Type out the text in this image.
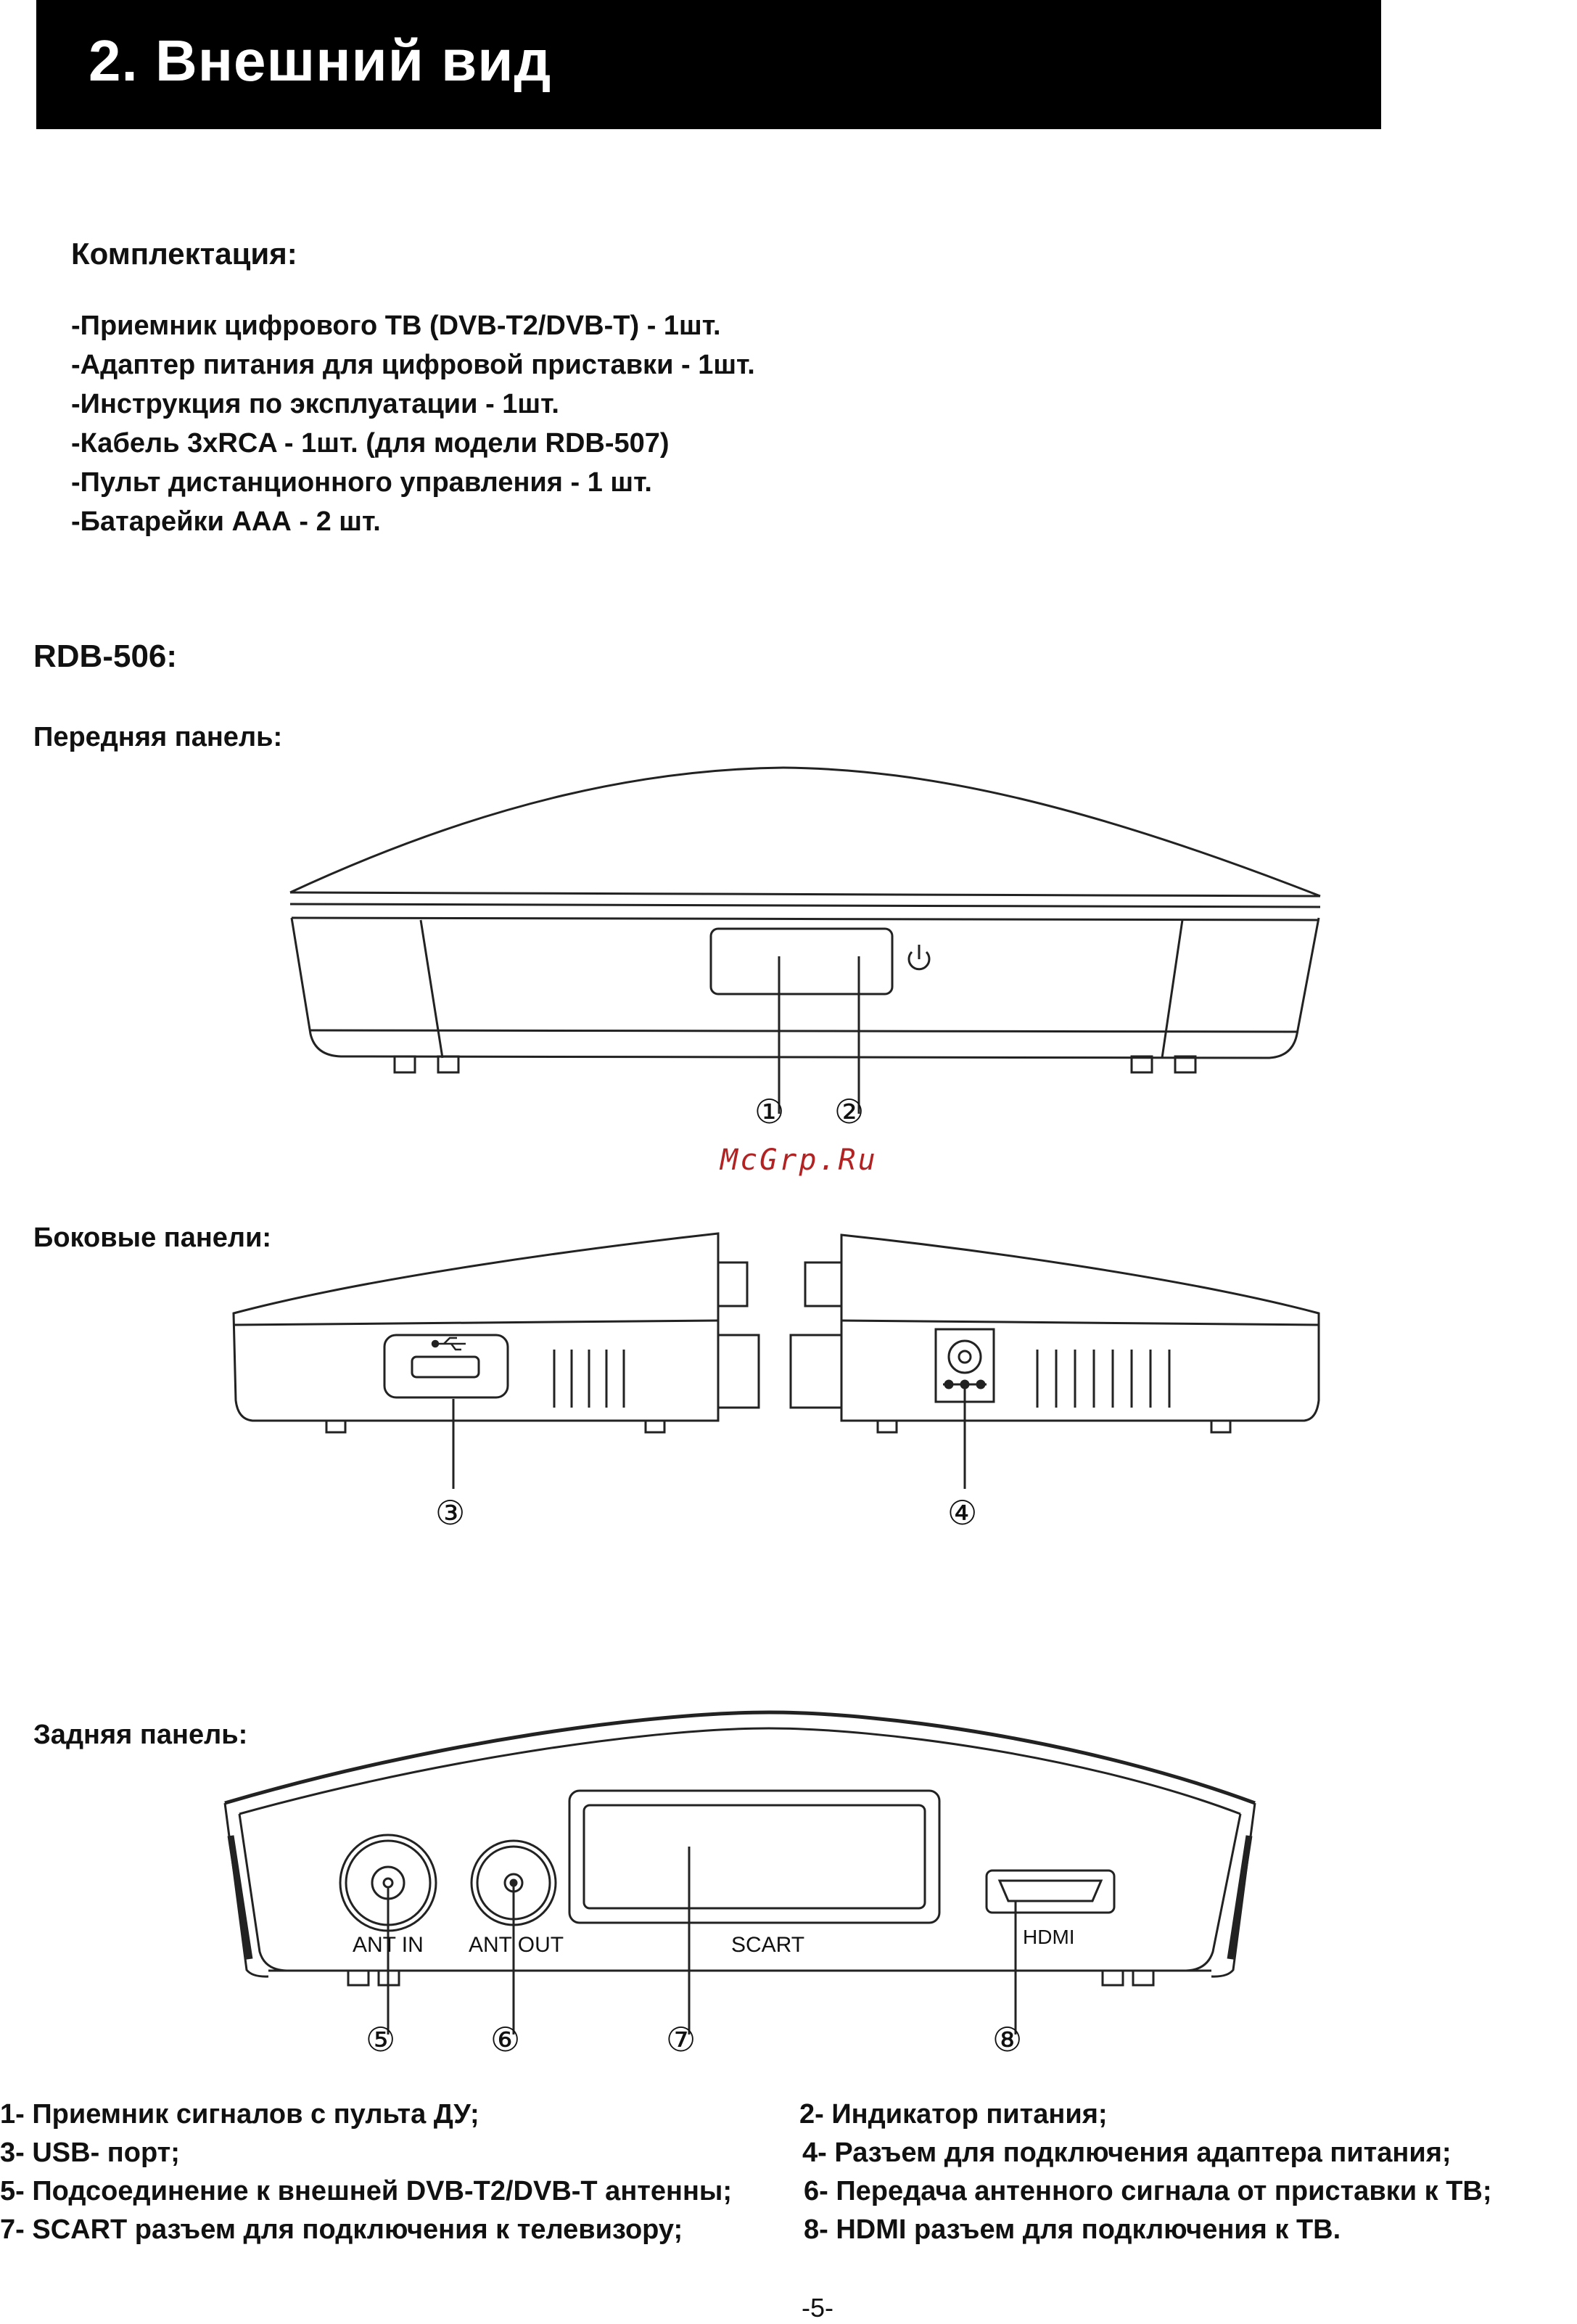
2. Внешний вид
Комплектация:
-Приемник цифрового ТВ (DVB-T2/DVB-T) - 1шт.
-Адаптер питания для цифровой приставки - 1шт.
-Инструкция по эксплуатации - 1шт.
-Кабель 3xRCA - 1шт. (для модели RDB-507)
-Пульт дистанционного управления - 1 шт.
-Батарейки ААА - 2 шт.
RDB-506:
Передняя панель:
① ②
McGrp.Ru
Боковые панели:
③	④
Задняя панель:
ANT IN ANT OUT	SCART	HDMI
⑤	⑥	⑦	⑧
1- Приемник сигналов с пульта ДУ;	2- Индикатор питания;
3- USB- порт;	4- Разъем для подключения адаптера питания;
5- Подсоединение к внешней DVB-T2/DVB-T антенны;	6- Передача антенного сигнала от приставки к ТВ;
7- SCART разъем для подключения к телевизору;	8- HDMI разъем для подключения к ТВ.
-5-
